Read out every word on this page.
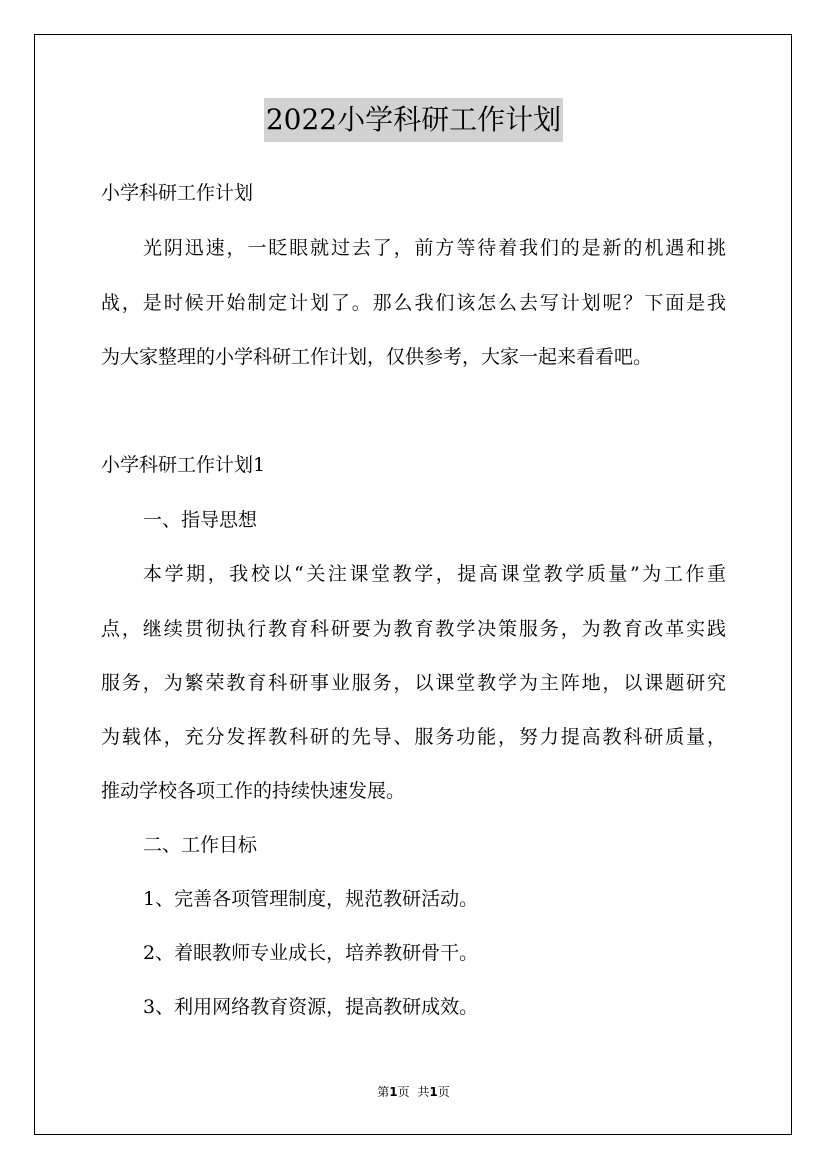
2022小学科研工作计划
小学科研工作计划
光阴迅速，一眨眼就过去了，前方等待着我们的是新的机遇和挑
战，是时候开始制定计划了。那么我们该怎么去写计划呢？下面是我
为大家整理的小学科研工作计划，仅供参考，大家一起来看看吧。
小学科研工作计划1
一、指导思想
本学期，我校以“关注课堂教学，提高课堂教学质量”为工作重
点，继续贯彻执行教育科研要为教育教学决策服务，为教育改革实践
服务，为繁荣教育科研事业服务，以课堂教学为主阵地，以课题研究
为载体，充分发挥教科研的先导、服务功能，努力提高教科研质量，
推动学校各项工作的持续快速发展。
二、工作目标
1、完善各项管理制度，规范教研活动。
2、着眼教师专业成长，培养教研骨干。
3、利用网络教育资源，提高教研成效。
第1页 共1页
